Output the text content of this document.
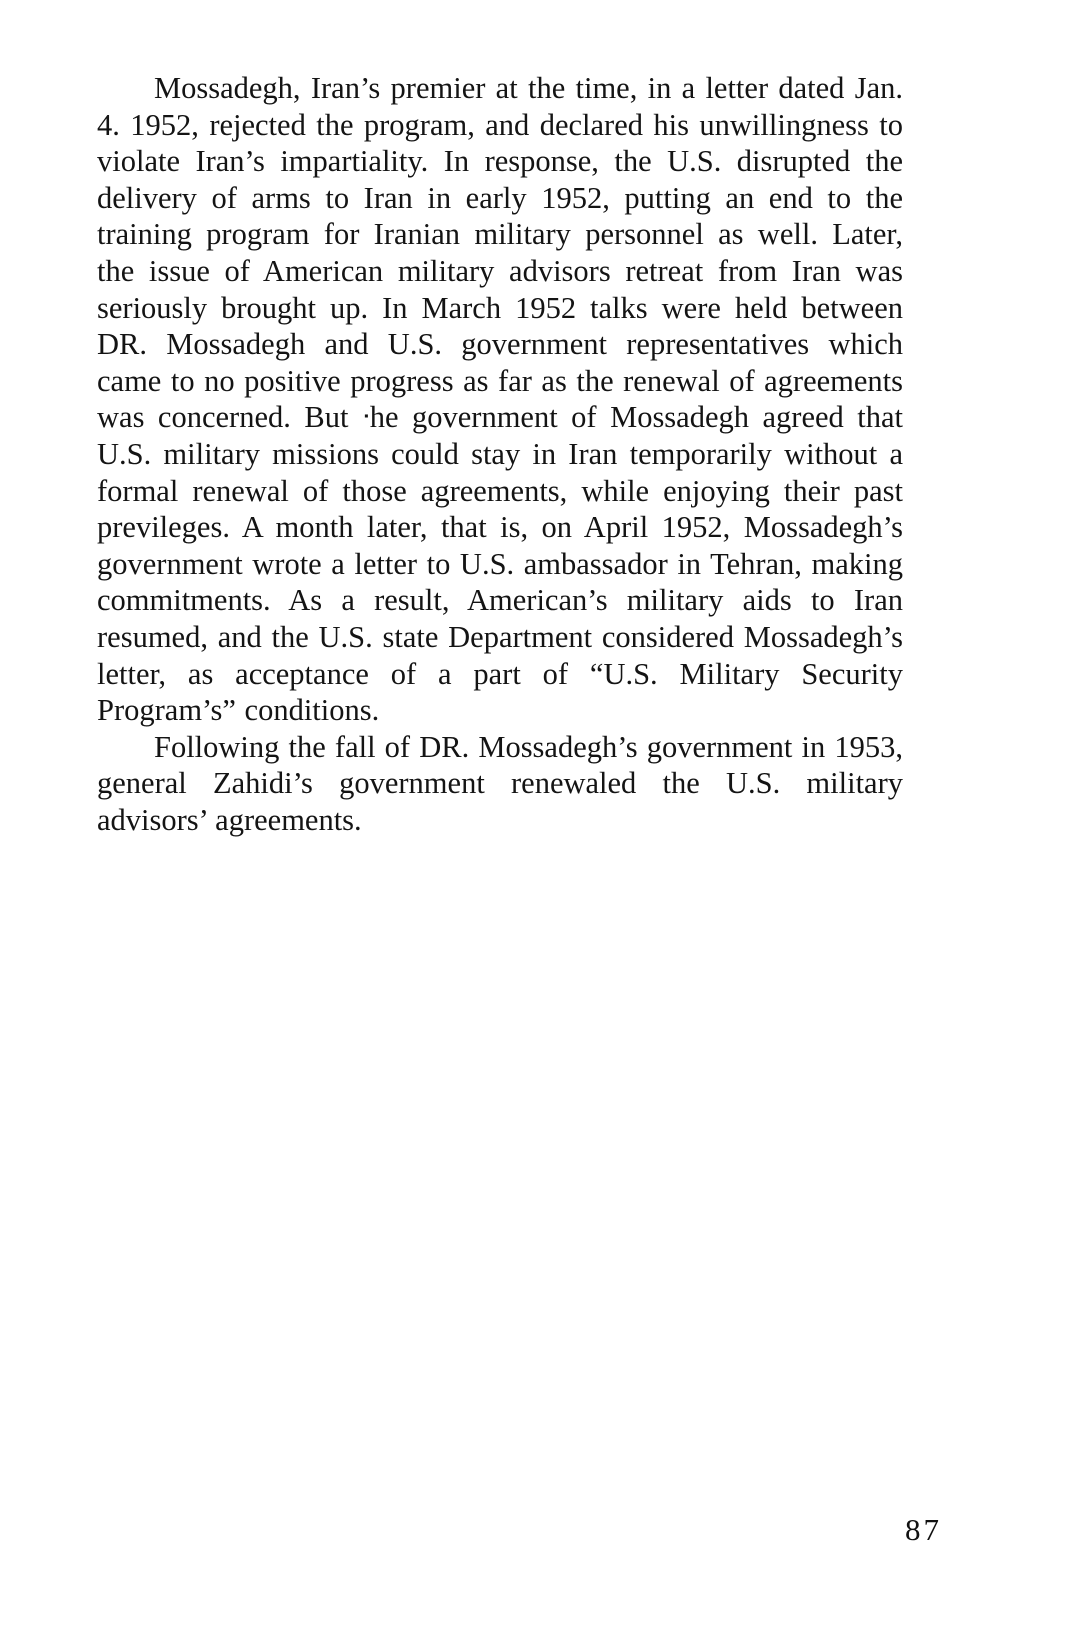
Mossadegh, Iran’s premier at the time, in a letter dated Jan. 4. 1952, rejected the program, and declared his unwillingness to violate Iran’s impartiality. In response, the U.S. disrupted the delivery of arms to Iran in early 1952, putting an end to the training program for Iranian military personnel as well. Later, the issue of American military advisors retreat from Iran was seriously brought up. In March 1952 talks were held between DR. Mossadegh and U.S. government representatives which came to no positive progress as far as the renewal of agreements was concerned. But ᐧhe government of Mossadegh agreed that U.S. military missions could stay in Iran temporarily without a formal renewal of those agreements, while enjoying their past previleges. A month later, that is, on April 1952, Mossadegh’s government wrote a letter to U.S. ambassador in Tehran, making commitments. As a result, American’s military aids to Iran resumed, and the U.S. state Department considered Mossadegh’s letter, as acceptance of a part of “U.S. Military Security Program’s” conditions.

Following the fall of DR. Mossadegh’s government in 1953, general Zahidi’s government renewaled the U.S. military advisors’ agreements.

87
